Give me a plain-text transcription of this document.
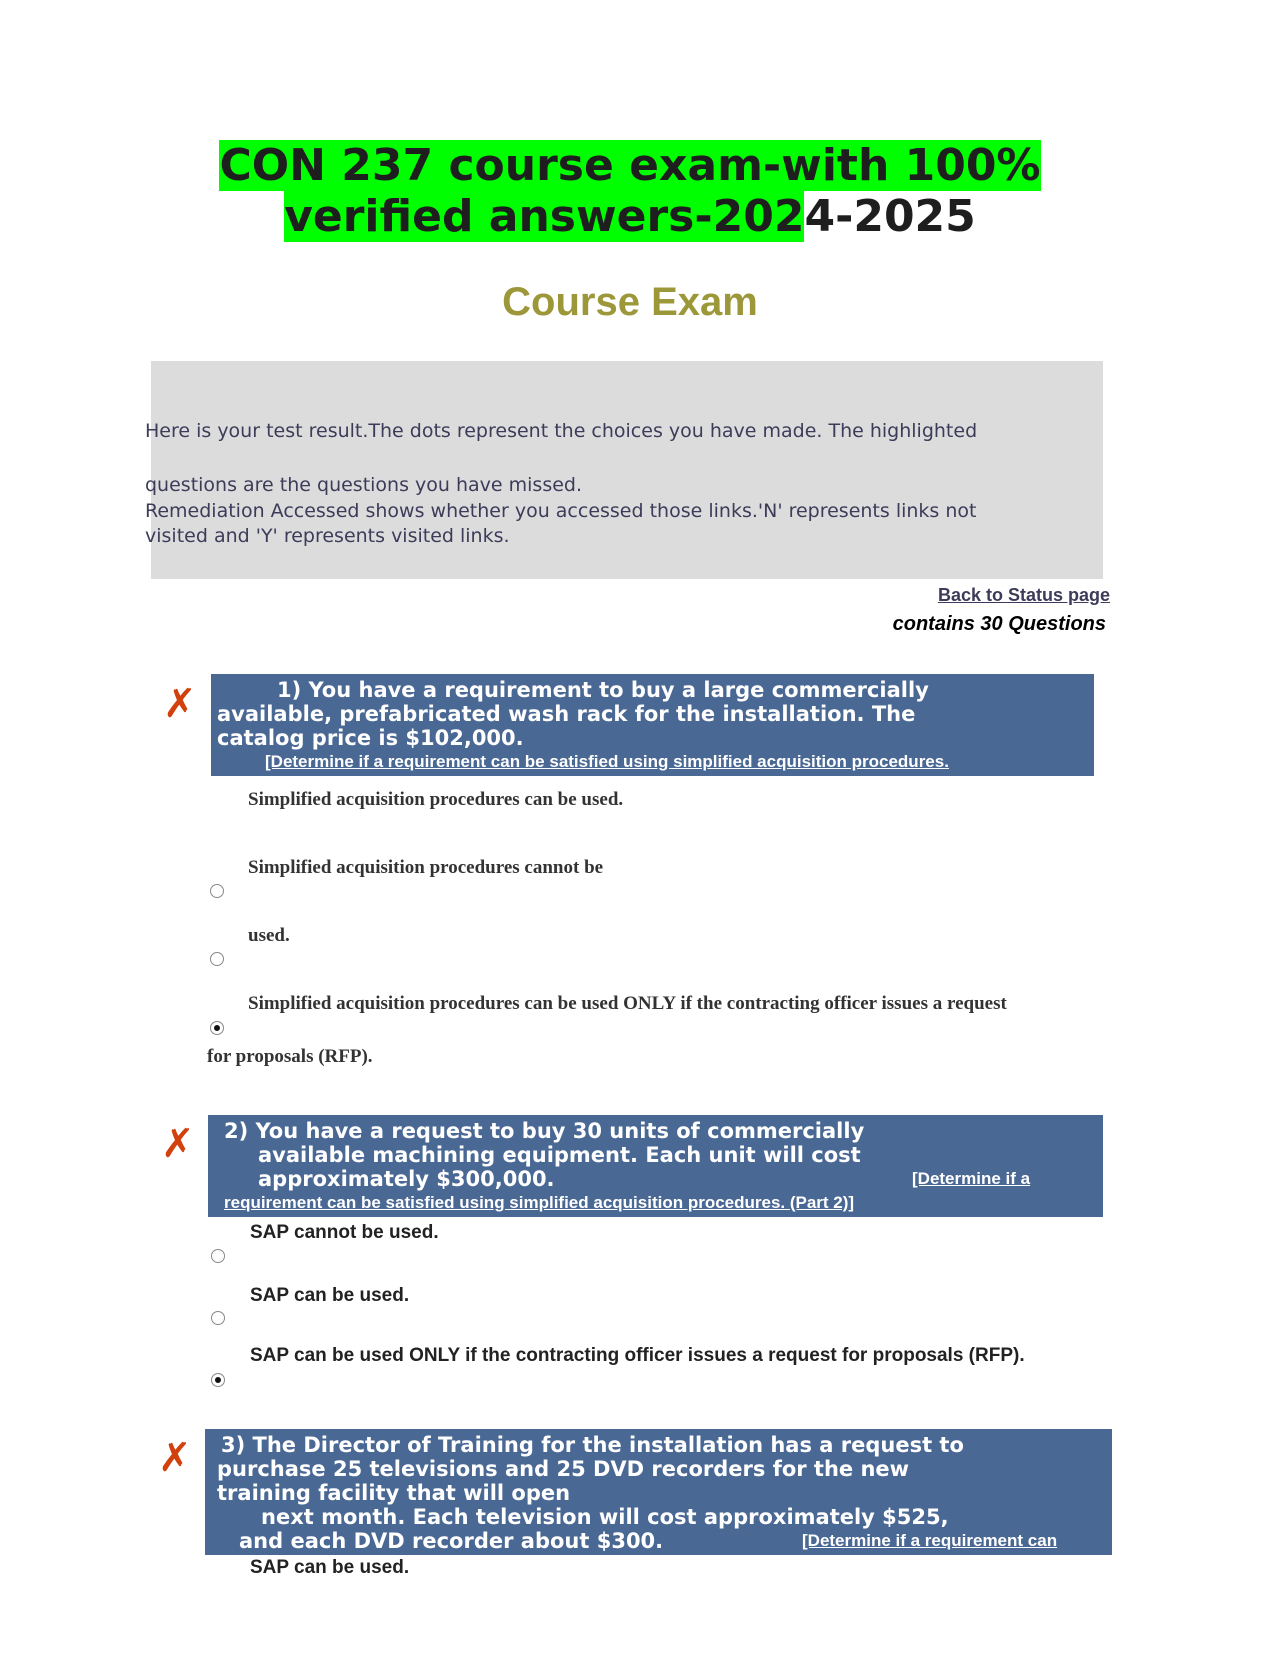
CON 237 course exam-with 100%
verified answers-2024-2025
Course Exam
Here is your test result.The dots represent the choices you have made. The highlighted
questions are the questions you have missed.
Remediation Accessed shows whether you accessed those links.'N' represents links not
visited and 'Y' represents visited links.
Back to Status page
contains 30 Questions
✗	1) You have a requirement to buy a large commercially
available, prefabricated wash rack for the installation. The
catalog price is $102,000.
[Determine if a requirement can be satisfied using simplified acquisition procedures.
Simplified acquisition procedures can be used.
Simplified acquisition procedures cannot be
used.
Simplified acquisition procedures can be used ONLY if the contracting officer issues a request
for proposals (RFP).
✗ 2) You have a request to buy 30 units of commercially
available machining equipment. Each unit will cost
approximately $300,000.	[Determine if a
requirement can be satisfied using simplified acquisition procedures. (Part 2)]
SAP cannot be used.
SAP can be used.
SAP can be used ONLY if the contracting officer issues a request for proposals (RFP).
✗ 3) The Director of Training for the installation has a request to
purchase 25 televisions and 25 DVD recorders for the new
training facility that will open
next month. Each television will cost approximately $525,
and each DVD recorder about $300.	[Determine if a requirement can
SAP can be used.
